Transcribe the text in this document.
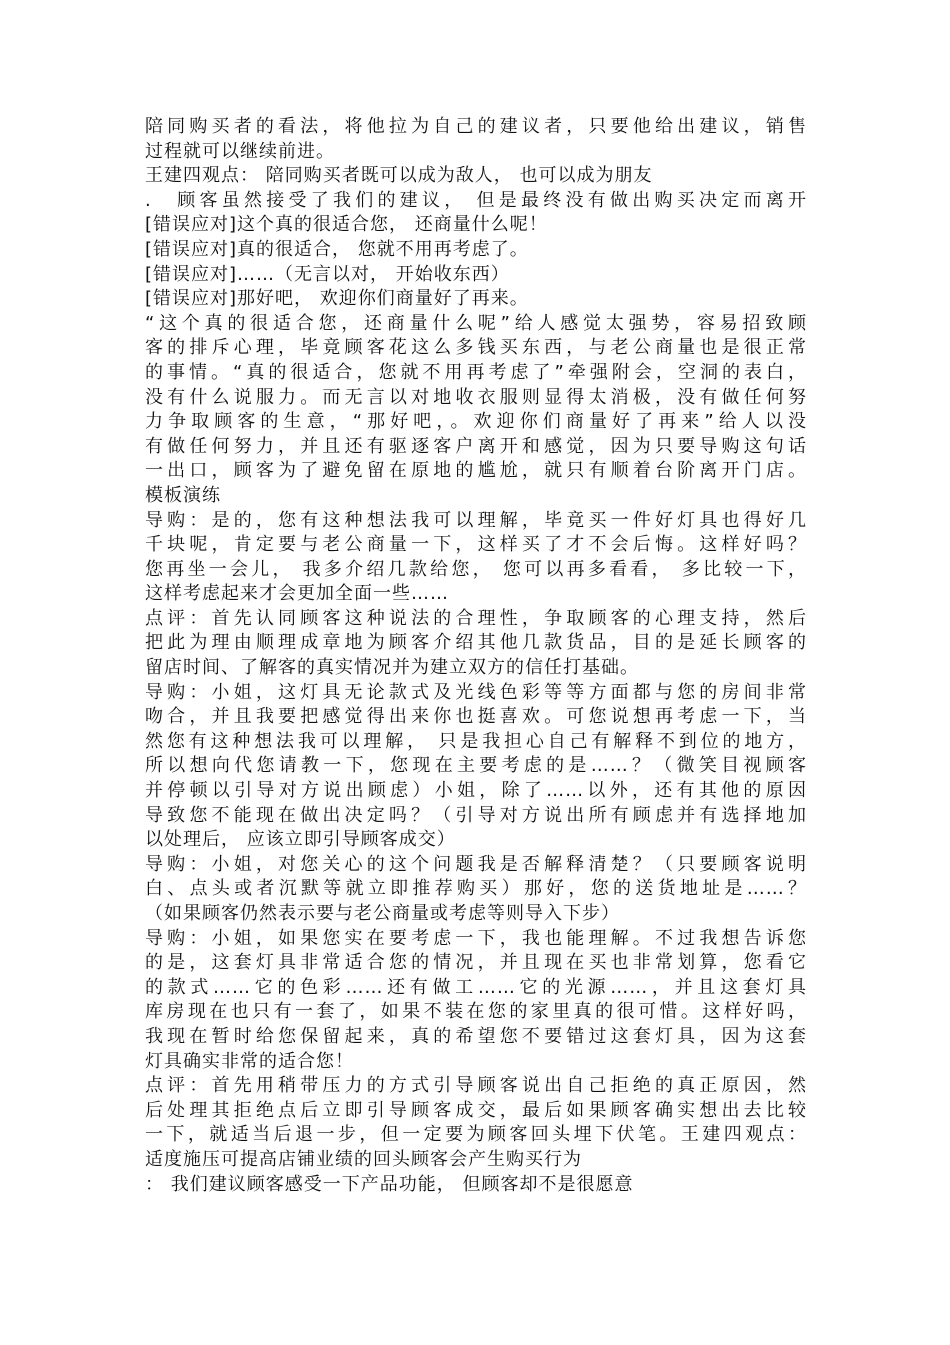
陪同购买者的看法，将他拉为自己的建议者，只要他给出建议，销售
过程就可以继续前进。
王建四观点： 陪同购买者既可以成为敌人， 也可以成为朋友
.　顾客虽然接受了我们的建议， 但是最终没有做出购买决定而离开
[错误应对]这个真的很适合您， 还商量什么呢！
[错误应对]真的很适合， 您就不用再考虑了。
[错误应对]……（无言以对， 开始收东西）
[错误应对]那好吧， 欢迎你们商量好了再来。
“这个真的很适合您，还商量什么呢”给人感觉太强势，容易招致顾
客的排斥心理，毕竟顾客花这么多钱买东西，与老公商量也是很正常
的事情。“真的很适合，您就不用再考虑了”牵强附会，空洞的表白，
没有什么说服力。而无言以对地收衣服则显得太消极，没有做任何努
力争取顾客的生意，“那好吧，。欢迎你们商量好了再来”给人以没
有做任何努力，并且还有驱逐客户离开和感觉，因为只要导购这句话
一出口，顾客为了避免留在原地的尴尬，就只有顺着台阶离开门店。
模板演练
导购：是的，您有这种想法我可以理解，毕竟买一件好灯具也得好几
千块呢，肯定要与老公商量一下，这样买了才不会后悔。这样好吗？
您再坐一会儿， 我多介绍几款给您， 您可以再多看看， 多比较一下，
这样考虑起来才会更加全面一些……
点评：首先认同顾客这种说法的合理性，争取顾客的心理支持，然后
把此为理由顺理成章地为顾客介绍其他几款货品，目的是延长顾客的
留店时间、了解客的真实情况并为建立双方的信任打基础。
导购：小姐，这灯具无论款式及光线色彩等等方面都与您的房间非常
吻合，并且我要把感觉得出来你也挺喜欢。可您说想再考虑一下，当
然您有这种想法我可以理解， 只是我担心自己有解释不到位的地方，
所以想向代您请教一下，您现在主要考虑的是……？（微笑目视顾客
并停顿以引导对方说出顾虑）小姐，除了……以外，还有其他的原因
导致您不能现在做出决定吗？（引导对方说出所有顾虑并有选择地加
以处理后， 应该立即引导顾客成交）
导购：小姐，对您关心的这个问题我是否解释清楚？（只要顾客说明
白、点头或者沉默等就立即推荐购买）那好，您的送货地址是……？
（如果顾客仍然表示要与老公商量或考虑等则导入下步）
导购：小姐，如果您实在要考虑一下，我也能理解。不过我想告诉您
的是，这套灯具非常适合您的情况，并且现在买也非常划算，您看它
的款式……它的色彩……还有做工……它的光源……，并且这套灯具
库房现在也只有一套了，如果不装在您的家里真的很可惜。这样好吗，
我现在暂时给您保留起来，真的希望您不要错过这套灯具，因为这套
灯具确实非常的适合您！
点评：首先用稍带压力的方式引导顾客说出自己拒绝的真正原因，然
后处理其拒绝点后立即引导顾客成交，最后如果顾客确实想出去比较
一下，就适当后退一步，但一定要为顾客回头埋下伏笔。王建四观点：
适度施压可提高店铺业绩的回头顾客会产生购买行为
： 我们建议顾客感受一下产品功能， 但顾客却不是很愿意
